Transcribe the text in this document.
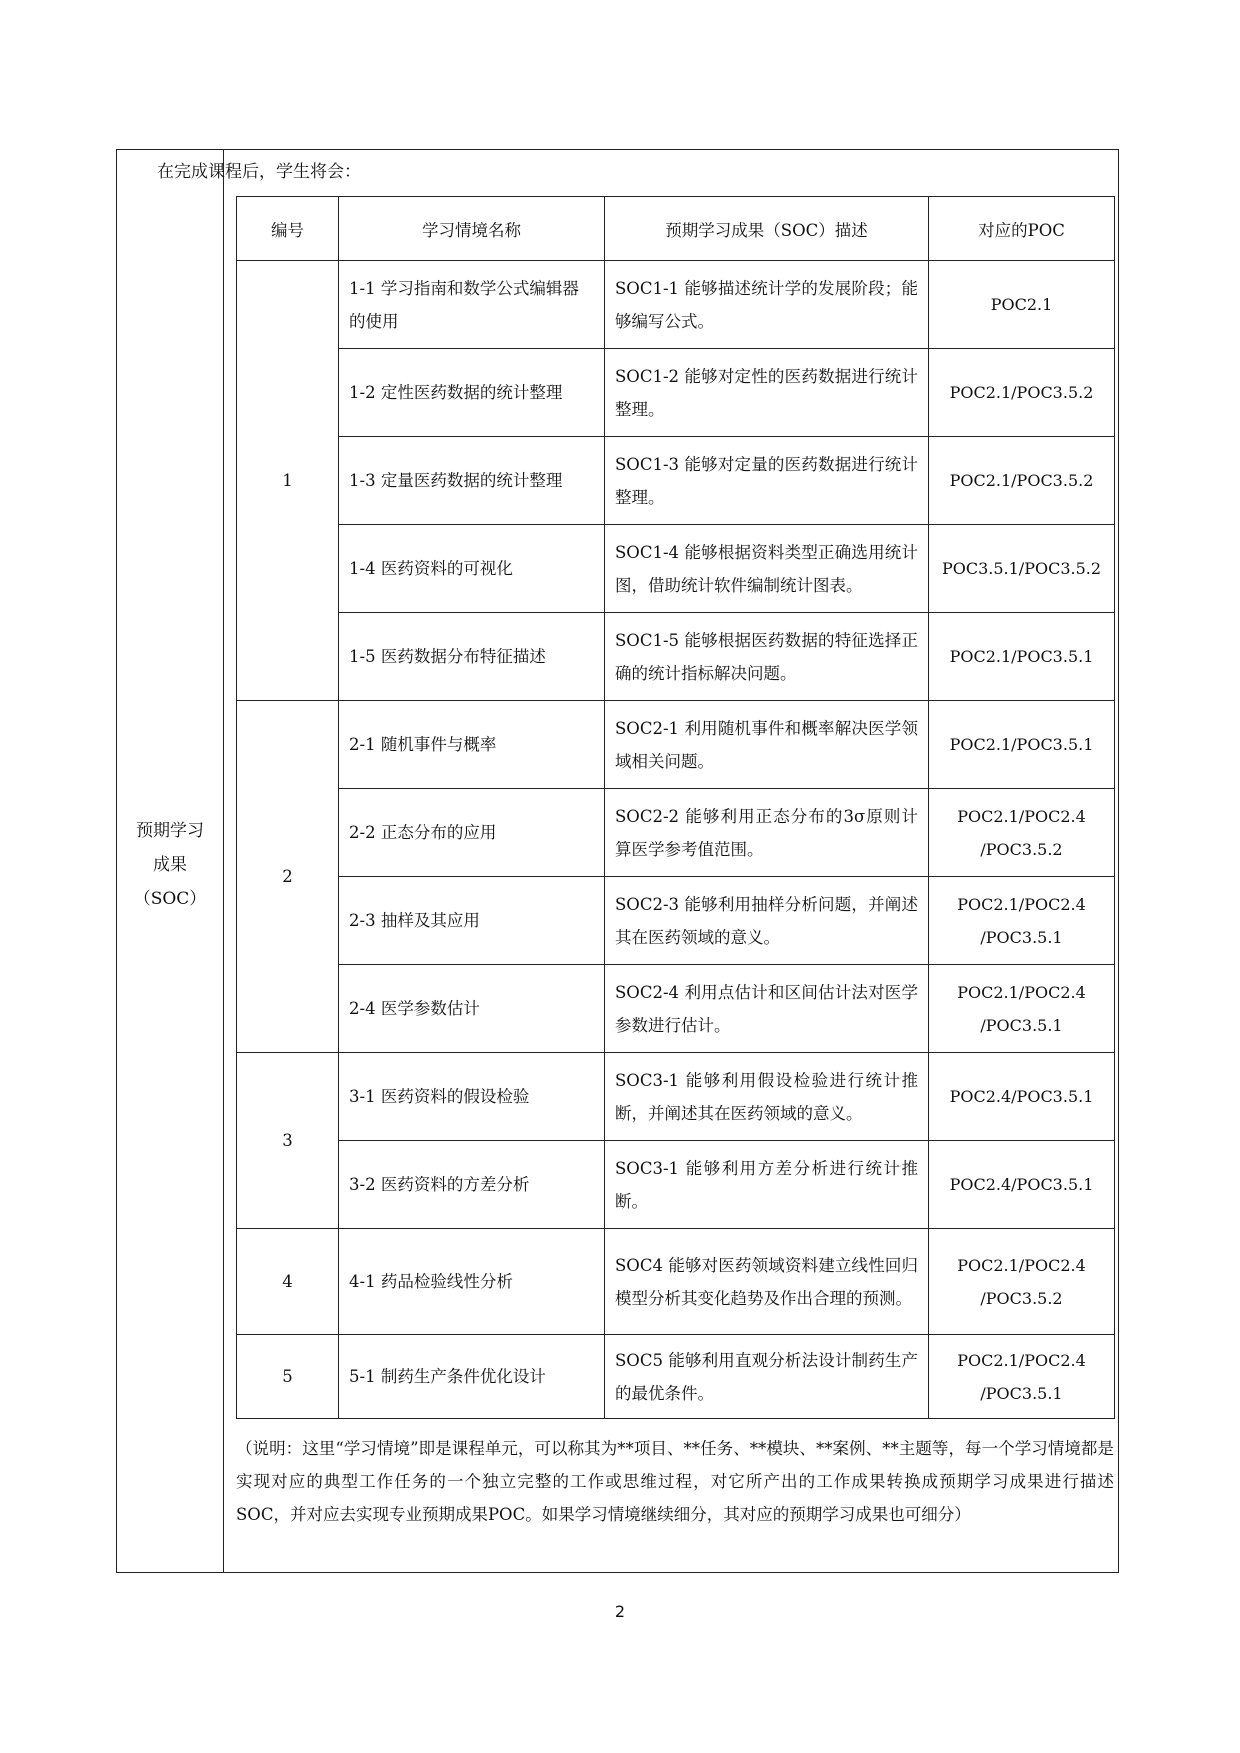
预期学习
成果
（SOC）
在完成课程后，学生将会：
编号	学习情境名称	预期学习成果（SOC）描述	对应的POC
1	1-1 学习指南和数学公式编辑器的使用	SOC1-1 能够描述统计学的发展阶段；能够编写公式。	POC2.1

	1-2 定性医药数据的统计整理	SOC1-2 能够对定性的医药数据进行统计整理。	POC2.1/POC3.5.2

	1-3 定量医药数据的统计整理	SOC1-3 能够对定量的医药数据进行统计整理。	POC2.1/POC3.5.2

	1-4 医药资料的可视化	SOC1-4 能够根据资料类型正确选用统计图，借助统计软件编制统计图表。	POC3.5.1/POC3.5.2

	1-5 医药数据分布特征描述	SOC1-5 能够根据医药数据的特征选择正确的统计指标解决问题。	POC2.1/POC3.5.1

2	2-1 随机事件与概率	SOC2-1 利用随机事件和概率解决医学领域相关问题。	POC2.1/POC3.5.1

	2-2 正态分布的应用	SOC2-2 能够利用正态分布的3σ原则计算医学参考值范围。	POC2.1/POC2.4
/POC3.5.2

	2-3 抽样及其应用	SOC2-3 能够利用抽样分析问题，并阐述其在医药领域的意义。	POC2.1/POC2.4
/POC3.5.1

	2-4 医学参数估计	SOC2-4 利用点估计和区间估计法对医学参数进行估计。	POC2.1/POC2.4
/POC3.5.1

3	3-1 医药资料的假设检验	SOC3-1 能够利用假设检验进行统计推断，并阐述其在医药领域的意义。	POC2.4/POC3.5.1

	3-2 医药资料的方差分析	SOC3-1 能够利用方差分析进行统计推断。	POC2.4/POC3.5.1

4	4-1 药品检验线性分析	SOC4 能够对医药领域资料建立线性回归模型分析其变化趋势及作出合理的预测。	POC2.1/POC2.4
/POC3.5.2

5	5-1 制药生产条件优化设计	SOC5 能够利用直观分析法设计制药生产的最优条件。	POC2.1/POC2.4
/POC3.5.1
（说明：这里“学习情境”即是课程单元，可以称其为**项目、**任务、**模块、**案例、**主题等，每一个学习情境都是实现对应的典型工作任务的一个独立完整的工作或思维过程，对它所产出的工作成果转换成预期学习成果进行描述SOC，并对应去实现专业预期成果POC。如果学习情境继续细分，其对应的预期学习成果也可细分）
2
